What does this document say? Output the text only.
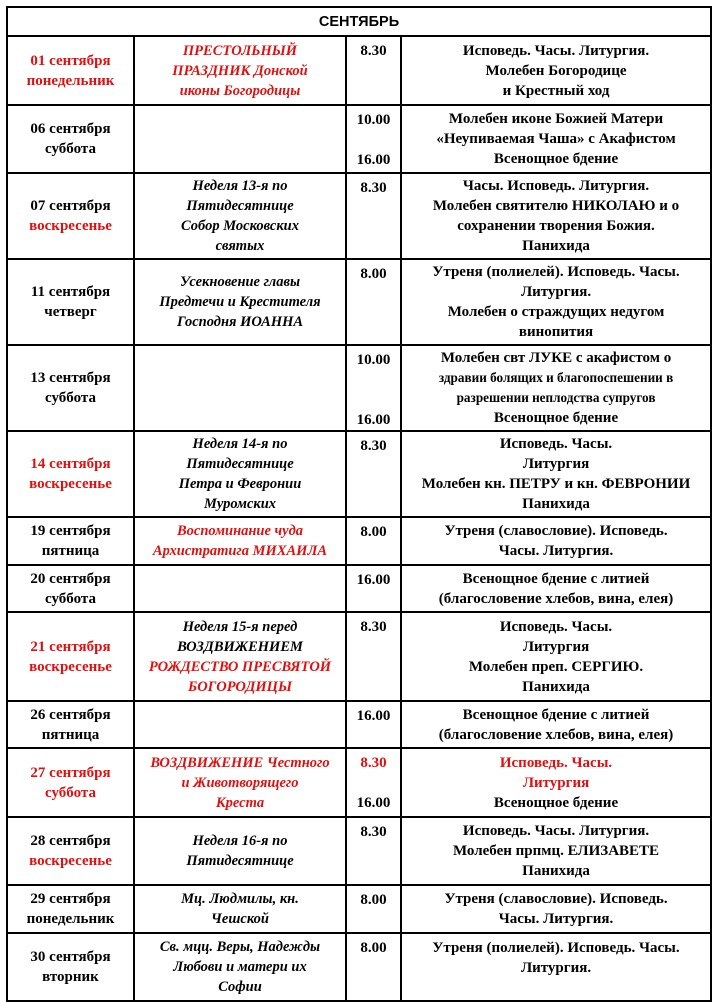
СЕНТЯБРЬ			

01 сентября
понедельник	ПРЕСТОЛЬНЫЙ
ПРАЗДНИК Донской
иконы Богородицы	8.30	Исповедь. Часы. Литургия.
Молебен Богородице
и Крестный ход

06 сентября
суббота		10.00
16.00	Молебен иконе Божией Матери
«Неупиваемая Чаша» с Акафистом
Всенощное бдение

07 сентября
воскресенье	Неделя 13-я по
Пятидесятнице
Собор Московских
святых	8.30	Часы. Исповедь. Литургия.
Молебен святителю НИКОЛАЮ и о
сохранении творения Божия.
Панихида

11 сентября
четверг	Усекновение главы
Предтечи и Крестителя
Господня ИОАННА	8.00	Утреня (полиелей). Исповедь. Часы.
Литургия.
Молебен о страждущих недугом
винопития

13 сентября
суббота		10.00
16.00	Молебен свт ЛУКЕ с акафистом о
здравии болящих и благопоспешении в
разрешении неплодства супругов
Всенощное бдение

14 сентября
воскресенье	Неделя 14-я по
Пятидесятнице
Петра и Февронии
Муромских	8.30	Исповедь. Часы.
Литургия
Молебен кн. ПЕТРУ и кн. ФЕВРОНИИ
Панихида

19 сентября
пятница	Воспоминание чуда
Архистратига МИХАИЛА	8.00	Утреня (славословие). Исповедь.
Часы. Литургия.

20 сентября
суббота		16.00	Всенощное бдение с литией
(благословение хлебов, вина, елея)

21 сентября
воскресенье	Неделя 15-я перед
ВОЗДВИЖЕНИЕМ
РОЖДЕСТВО ПРЕСВЯТОЙ
БОГОРОДИЦЫ	8.30	Исповедь. Часы.
Литургия
Молебен преп. СЕРГИЮ.
Панихида

26 сентября
пятница		16.00	Всенощное бдение с литией
(благословение хлебов, вина, елея)

27 сентября
суббота	ВОЗДВИЖЕНИЕ Честного
и Животворящего
Креста	8.30
16.00	Исповедь. Часы.
Литургия
Всенощное бдение

28 сентября
воскресенье	Неделя 16-я по
Пятидесятнице	8.30	Исповедь. Часы. Литургия.
Молебен прпмц. ЕЛИЗАВЕТЕ
Панихида

29 сентября
понедельник	Мц. Людмилы, кн.
Чешской	8.00	Утреня (славословие). Исповедь.
Часы. Литургия.

30 сентября
вторник	Св. мцц. Веры, Надежды
Любови и матери их
Софии	8.00	Утреня (полиелей). Исповедь. Часы.
Литургия.
